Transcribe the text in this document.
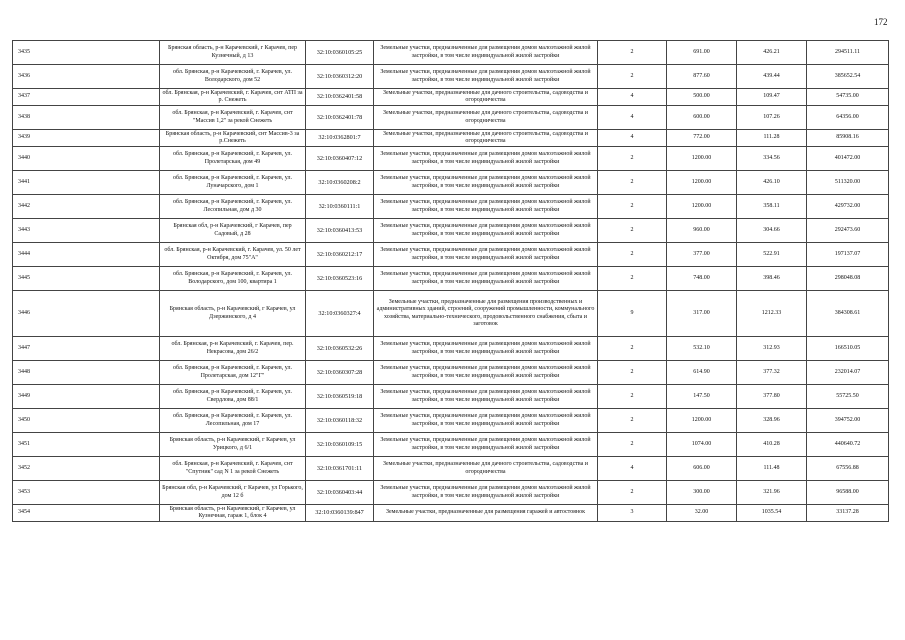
172
3435	Брянская область, р-н Карачевский, г Карачев, пер Кузнечный, д 13	32:10:0360105:25	Земельные участки, предназначенные для размещения домов малоэтажной жилой застройки, в том числе индивидуальной жилой застройки	2	691.00	426.21	294511.11
3436	обл. Брянская, р-н Карачевский, г. Карачев, ул. Володарского, дом 52	32:10:0360312:20	Земельные участки, предназначенные для размещения домов малоэтажной жилой застройки, в том числе индивидуальной жилой застройки	2	877.60	439.44	385652.54
3437	обл. Брянская, р-н Карачевский, г. Карачев, снт АТП за р. Снежеть	32:10:0362401:58	Земельные участки, предназначенные для дачного строительства, садоводства и огородничества	4	500.00	109.47	54735.00
3438	обл. Брянская, р-н Карачевский, г. Карачев, снт "Массив 1,2" за рекой Снежеть	32:10:0362401:78	Земельные участки, предназначенные для дачного строительства, садоводства и огородничества	4	600.00	107.26	64356.00
3439	Брянская область, р-н Карачевский, снт Массив-3 за р.Снежеть	32:10:0362801:7	Земельные участки, предназначенные для дачного строительства, садоводства и огородничества	4	772.00	111.28	85908.16
3440	обл. Брянская, р-н Карачевский, г. Карачев, ул. Пролетарская, дом 49	32:10:0360407:12	Земельные участки, предназначенные для размещения домов малоэтажной жилой застройки, в том числе индивидуальной жилой застройки	2	1200.00	334.56	401472.00
3441	обл. Брянская, р-н Карачевский, г. Карачев, ул. Луначарского, дом 1	32:10:0360208:2	Земельные участки, предназначенные для размещения домов малоэтажной жилой застройки, в том числе индивидуальной жилой застройки	2	1200.00	426.10	511320.00
3442	обл. Брянская, р-н Карачевский, г. Карачев, ул. Лесопильная, дом д 30	32:10:0360111:1	Земельные участки, предназначенные для размещения домов малоэтажной жилой застройки, в том числе индивидуальной жилой застройки	2	1200.00	358.11	429732.00
3443	Брянская обл, р-н Карачевский, г Карачев, пер Садовый, д 28	32:10:0360413:53	Земельные участки, предназначенные для размещения домов малоэтажной жилой застройки, в том числе индивидуальной жилой застройки	2	960.00	304.66	292473.60
3444	обл. Брянская, р-н Карачевский, г. Карачев, ул. 50 лет Октября, дом 75"А"	32:10:0360212:17	Земельные участки, предназначенные для размещения домов малоэтажной жилой застройки, в том числе индивидуальной жилой застройки	2	377.00	522.91	197137.07
3445	обл. Брянская, р-н Карачевский, г. Карачев, ул. Володарского, дом 100, квартира 1	32:10:0360523:16	Земельные участки, предназначенные для размещения домов малоэтажной жилой застройки, в том числе индивидуальной жилой застройки	2	748.00	398.46	298048.08
3446	Брянская область, р-н Карачевский, г Карачев, ул Дзержинского, д 4	32:10:0360327:4	Земельные участки, предназначенные для размещения производственных и административных зданий, строений, сооружений промышленности, коммунального хозяйства, материально-технического, продовольственного снабжения, сбыта и заготовок	9	317.00	1212.33	384308.61
3447	обл. Брянская, р-н Карачевский, г. Карачев, пер. Некрасова, дом 26/2	32:10:0360532:26	Земельные участки, предназначенные для размещения домов малоэтажной жилой застройки, в том числе индивидуальной жилой застройки	2	532.10	312.93	166510.05
3448	обл. Брянская, р-н Карачевский, г. Карачев, ул. Пролетарская, дом 12"Г"	32:10:0360307:28	Земельные участки, предназначенные для размещения домов малоэтажной жилой застройки, в том числе индивидуальной жилой застройки	2	614.90	377.32	232014.07
3449	обл. Брянская, р-н Карачевский, г. Карачев, ул. Свердлова, дом 88/1	32:10:0360519:18	Земельные участки, предназначенные для размещения домов малоэтажной жилой застройки, в том числе индивидуальной жилой застройки	2	147.50	377.80	55725.50
3450	обл. Брянская, р-н Карачевский, г. Карачев, ул. Лесопильная, дом 17	32:10:0360118:32	Земельные участки, предназначенные для размещения домов малоэтажной жилой застройки, в том числе индивидуальной жилой застройки	2	1200.00	328.96	394752.00
3451	Брянская область, р-н Карачевский, г Карачев, ул Урицкого, д 6/1	32:10:0360109:15	Земельные участки, предназначенные для размещения домов малоэтажной жилой застройки, в том числе индивидуальной жилой застройки	2	1074.00	410.28	440640.72
3452	обл. Брянская, р-н Карачевский, г. Карачев, снт "Спутник" сад N 1 за рекой Снежеть	32:10:0361701:11	Земельные участки, предназначенные для дачного строительства, садоводства и огородничества	4	606.00	111.48	67556.88
3453	Брянская обл, р-н Карачевский, г Карачев, ул Горького, дом 12 б	32:10:0360403:44	Земельные участки, предназначенные для размещения домов малоэтажной жилой застройки, в том числе индивидуальной жилой застройки	2	300.00	321.96	96588.00
3454	Брянская область, р-н Карачевский, г Карачев, ул Кузнечная, гараж 1, блок 4	32:10:0360139:847	Земельные участки, предназначенные для размещения гаражей и автостоянок	3	32.00	1035.54	33137.28
